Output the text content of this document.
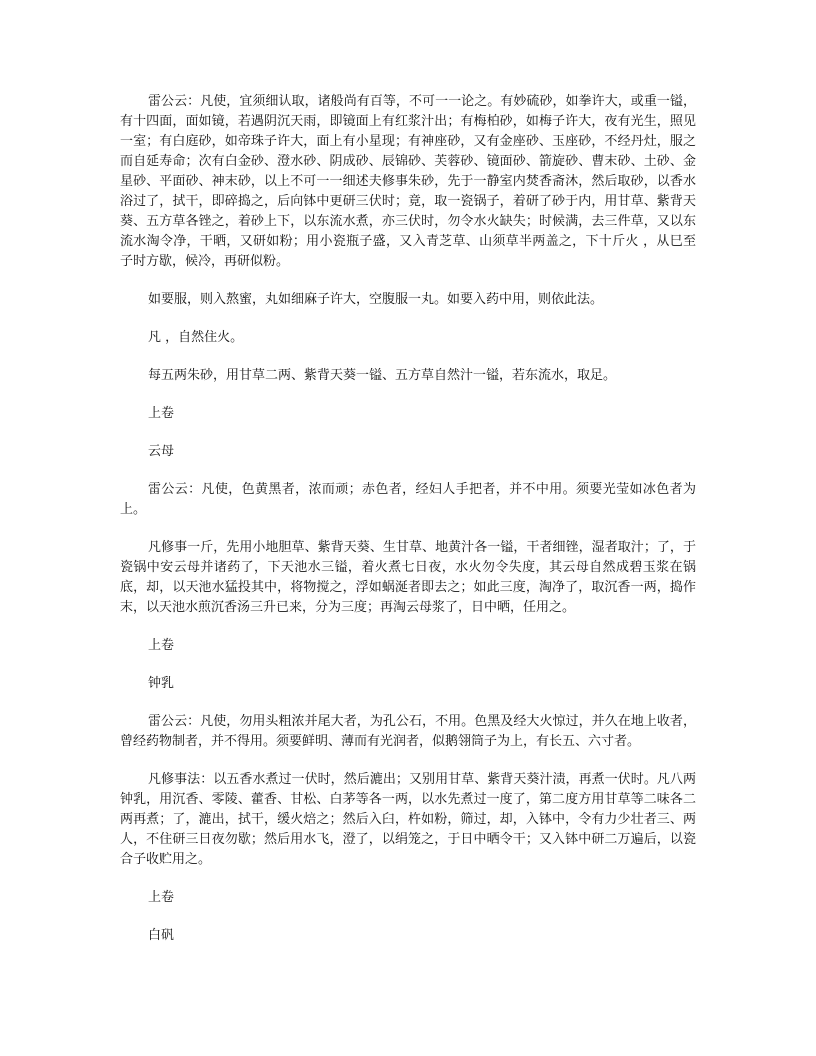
雷公云：凡使，宜须细认取，诸般尚有百等，不可一一论之。有妙硫砂，如拳许大，或重一镒，有十四面，面如镜，若遇阴沉天雨，即镜面上有红浆汁出；有梅柏砂，如梅子许大，夜有光生，照见一室；有白庭砂，如帝珠子许大，面上有小星现；有神座砂，又有金座砂、玉座砂，不经丹灶，服之而自延寿命；次有白金砂、澄水砂、阴成砂、辰锦砂、芙蓉砂、镜面砂、箭旋砂、曹末砂、土砂、金星砂、平面砂、神末砂，以上不可一一细述夫修事朱砂，先于一静室内焚香斋沐，然后取砂，以香水浴过了，拭干，即碎捣之，后向钵中更研三伏时；竟，取一瓷锅子，着研了砂于内，用甘草、紫背天葵、五方草各锉之，着砂上下，以东流水煮，亦三伏时，勿令水火缺失；时候满，去三件草，又以东流水淘令净，干晒，又研如粉；用小瓷瓶子盛，又入青芝草、山须草半两盖之，下十斤火 ，从巳至子时方歇，候冷，再研似粉。

如要服，则入熬蜜，丸如细麻子许大，空腹服一丸。如要入药中用，则依此法。

凡 ，自然住火。

每五两朱砂，用甘草二两、紫背天葵一镒、五方草自然汁一镒，若东流水，取足。

上卷

云母

雷公云：凡使，色黄黑者，浓而顽；赤色者，经妇人手把者，并不中用。须要光莹如冰色者为上。

凡修事一斤，先用小地胆草、紫背天葵、生甘草、地黄汁各一镒，干者细锉，湿者取汁；了，于瓷锅中安云母并诸药了，下天池水三镒，着火煮七日夜，水火勿令失度，其云母自然成碧玉浆在锅底，却，以天池水猛投其中，将物搅之，浮如蜗涎者即去之；如此三度，淘净了，取沉香一两，捣作末，以天池水煎沉香汤三升已来，分为三度；再淘云母浆了，日中晒，任用之。

上卷

钟乳

雷公云：凡使，勿用头粗浓并尾大者，为孔公石，不用。色黑及经大火惊过，并久在地上收者，曾经药物制者，并不得用。须要鲜明、薄而有光润者，似鹅翎筒子为上，有长五、六寸者。

凡修事法：以五香水煮过一伏时，然后漉出；又别用甘草、紫背天葵汁渍，再煮一伏时。凡八两钟乳，用沉香、零陵、藿香、甘松、白茅等各一两，以水先煮过一度了，第二度方用甘草等二味各二两再煮；了，漉出，拭干，缓火焙之；然后入臼，杵如粉，筛过，却，入钵中，令有力少壮者三、两人，不住研三日夜勿歇；然后用水飞，澄了，以绢笼之，于日中晒令干；又入钵中研二万遍后，以瓷合子收贮用之。

上卷

白矾
